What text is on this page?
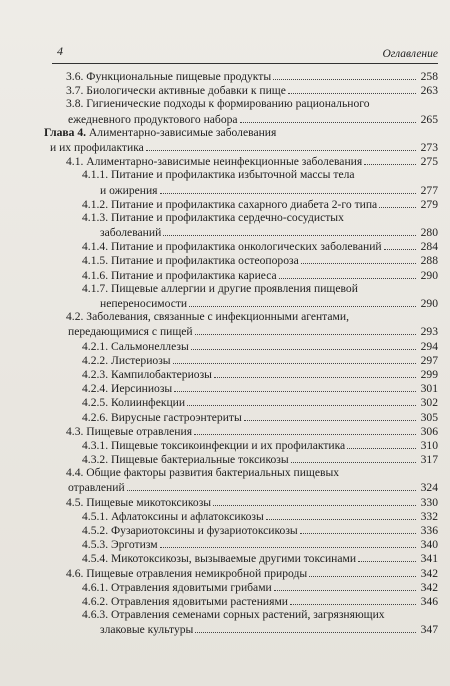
4	Оглавление
3.6. Функциональные пищевые продукты	258
3.7. Биологически активные добавки к пище	263
3.8. Гигиенические подходы к формированию рационального
ежедневного продуктового набора	265
Глава 4. Алиментарно-зависимые заболевания
и их профилактика	273
4.1. Алиментарно-зависимые неинфекционные заболевания	275
4.1.1. Питание и профилактика избыточной массы тела
и ожирения	277
4.1.2. Питание и профилактика сахарного диабета 2-го типа	279
4.1.3. Питание и профилактика сердечно-сосудистых
заболеваний	280
4.1.4. Питание и профилактика онкологических заболеваний	284
4.1.5. Питание и профилактика остеопороза	288
4.1.6. Питание и профилактика кариеса	290
4.1.7. Пищевые аллергии и другие проявления пищевой
непереносимости	290
4.2. Заболевания, связанные с инфекционными агентами,
передающимися с пищей	293
4.2.1. Сальмонеллезы	294
4.2.2. Листериозы	297
4.2.3. Кампилобактериозы	299
4.2.4. Иерсиниозы	301
4.2.5. Колиинфекции	302
4.2.6. Вирусные гастроэнтериты	305
4.3. Пищевые отравления	306
4.3.1. Пищевые токсикоинфекции и их профилактика	310
4.3.2. Пищевые бактериальные токсикозы	317
4.4. Общие факторы развития бактериальных пищевых
отравлений	324
4.5. Пищевые микотоксикозы	330
4.5.1. Афлатоксины и афлатоксикозы	332
4.5.2. Фузариотоксины и фузариотоксикозы	336
4.5.3. Эрготизм	340
4.5.4. Микотоксикозы, вызываемые другими токсинами	341
4.6. Пищевые отравления немикробной природы	342
4.6.1. Отравления ядовитыми грибами	342
4.6.2. Отравления ядовитыми растениями	346
4.6.3. Отравления семенами сорных растений, загрязняющих
злаковые культуры	347
